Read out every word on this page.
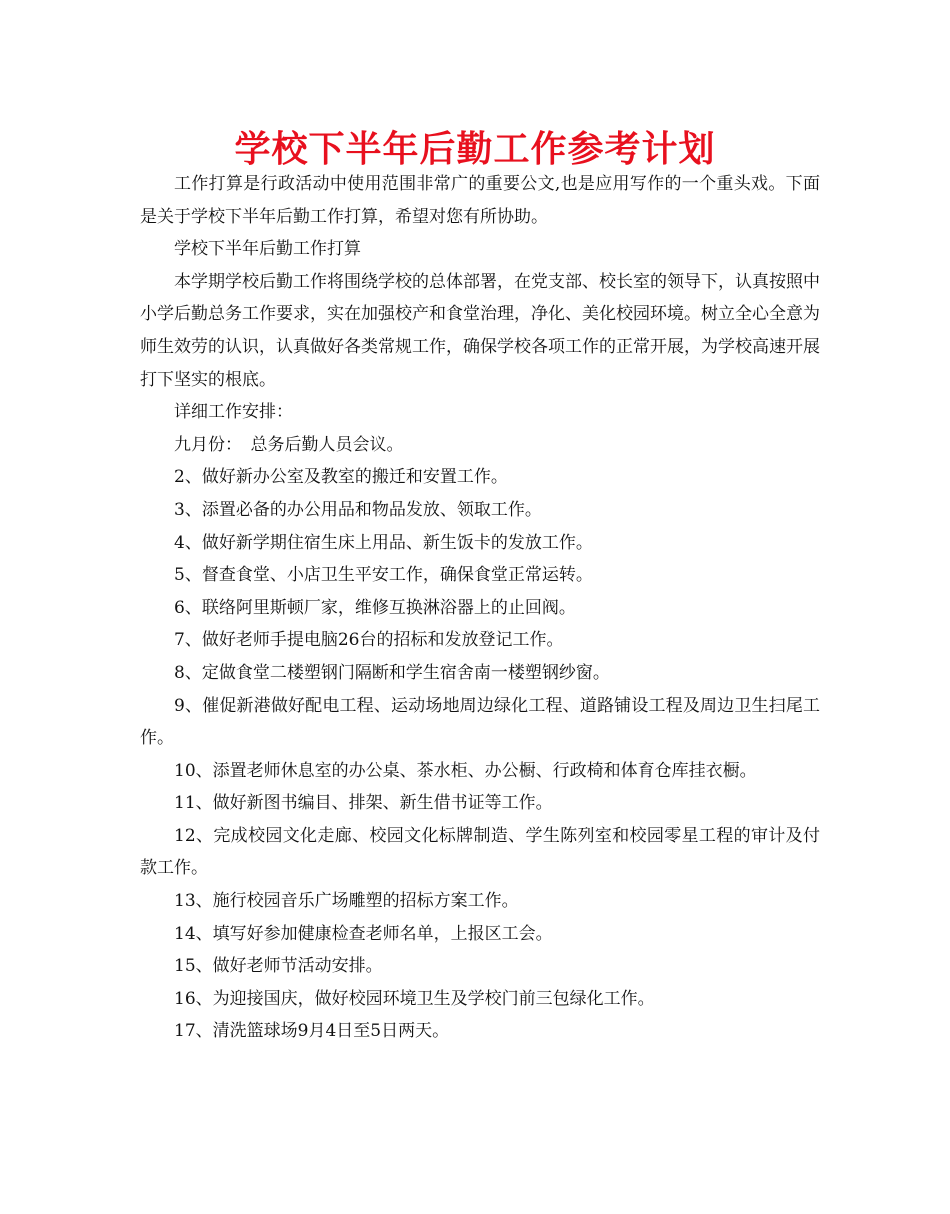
学校下半年后勤工作参考计划

工作打算是行政活动中使用范围非常广的重要公文,也是应用写作的一个重头戏。下面是关于学校下半年后勤工作打算，希望对您有所协助。

学校下半年后勤工作打算

本学期学校后勤工作将围绕学校的总体部署，在党支部、校长室的领导下，认真按照中小学后勤总务工作要求，实在加强校产和食堂治理，净化、美化校园环境。树立全心全意为师生效劳的认识，认真做好各类常规工作，确保学校各项工作的正常开展，为学校高速开展打下坚实的根底。

详细工作安排：

九月份：　总务后勤人员会议。

2、做好新办公室及教室的搬迁和安置工作。

3、添置必备的办公用品和物品发放、领取工作。

4、做好新学期住宿生床上用品、新生饭卡的发放工作。

5、督查食堂、小店卫生平安工作，确保食堂正常运转。

6、联络阿里斯顿厂家，维修互换淋浴器上的止回阀。

7、做好老师手提电脑26台的招标和发放登记工作。

8、定做食堂二楼塑钢门隔断和学生宿舍南一楼塑钢纱窗。

9、催促新港做好配电工程、运动场地周边绿化工程、道路铺设工程及周边卫生扫尾工作。

10、添置老师休息室的办公桌、茶水柜、办公橱、行政椅和体育仓库挂衣橱。

11、做好新图书编目、排架、新生借书证等工作。

12、完成校园文化走廊、校园文化标牌制造、学生陈列室和校园零星工程的审计及付款工作。

13、施行校园音乐广场雕塑的招标方案工作。

14、填写好参加健康检查老师名单，上报区工会。

15、做好老师节活动安排。

16、为迎接国庆，做好校园环境卫生及学校门前三包绿化工作。

17、清洗篮球场9月4日至5日两天。
